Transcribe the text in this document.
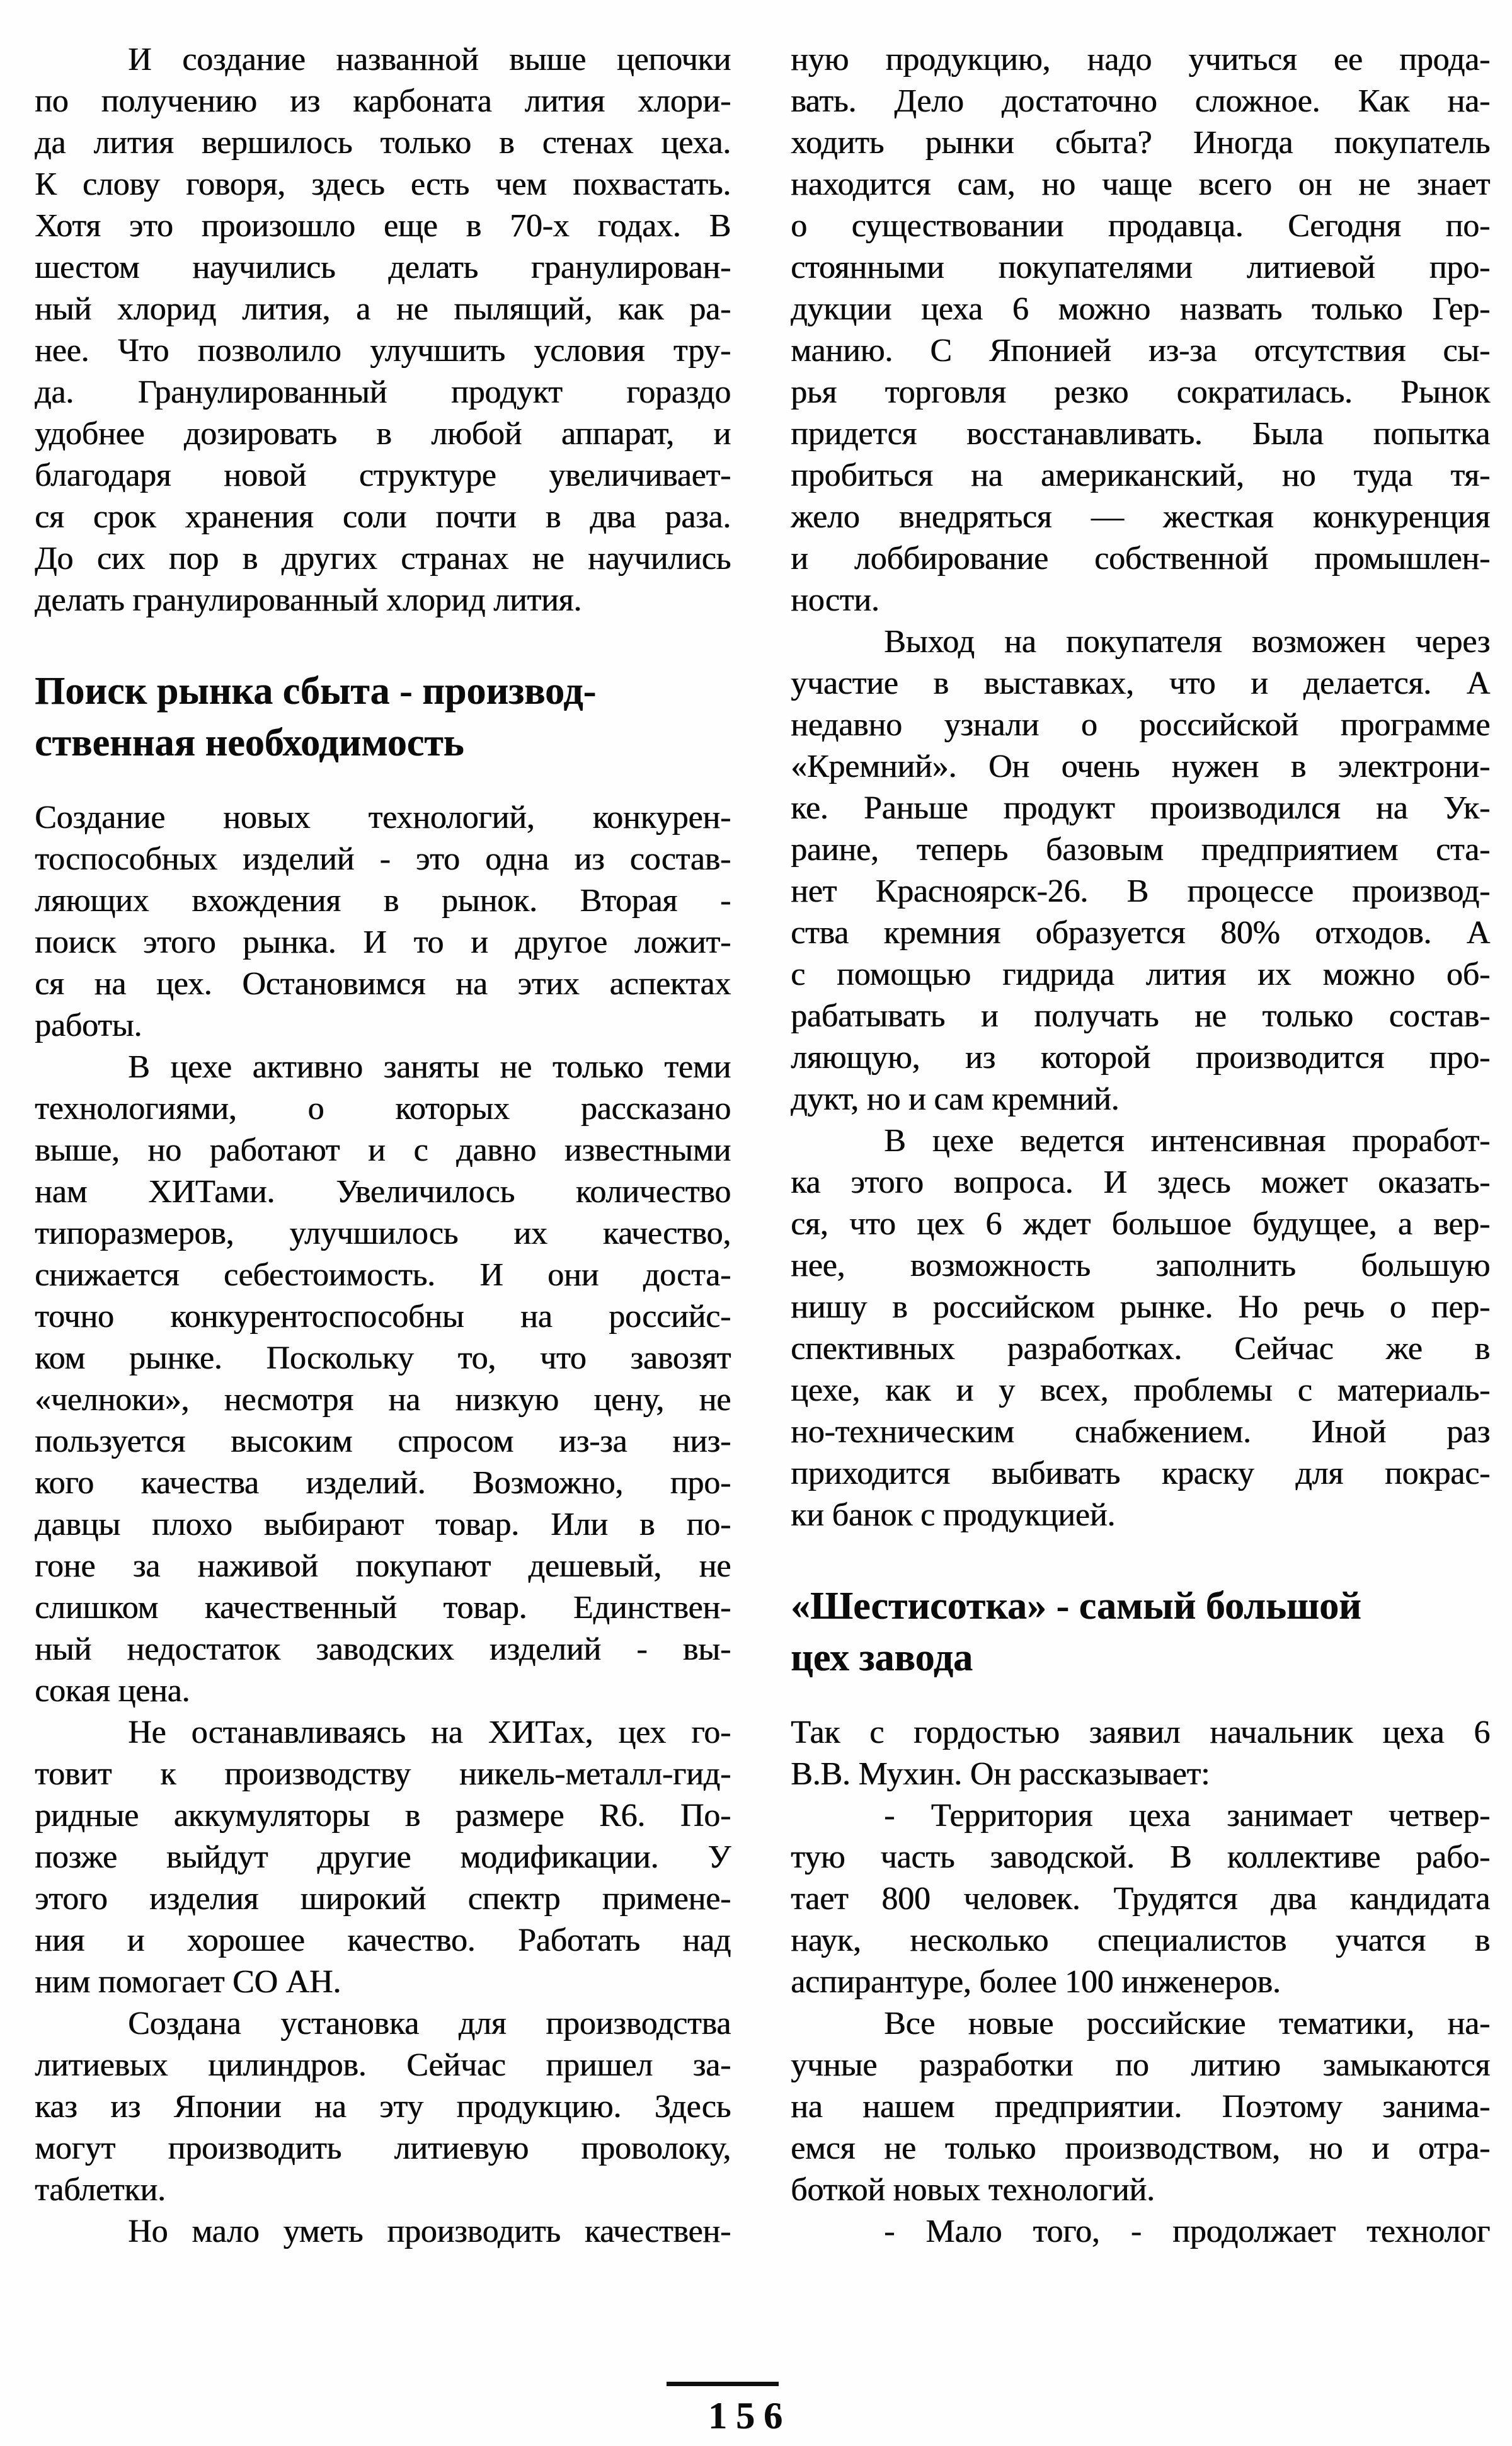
И создание названной выше цепочки
по получению из карбоната лития хлори-
да лития вершилось только в стенах цеха.
К слову говоря, здесь есть чем похвастать.
Хотя это произошло еще в 70-х годах. В
шестом научились делать гранулирован-
ный хлорид лития, а не пылящий, как ра-
нее. Что позволило улучшить условия тру-
да. Гранулированный продукт гораздо
удобнее дозировать в любой аппарат, и
благодаря новой структуре увеличивает-
ся срок хранения соли почти в два раза.
До сих пор в других странах не научились
делать гранулированный хлорид лития.
Поиск рынка сбыта - производ-
ственная необходимость
Создание новых технологий, конкурен-
тоспособных изделий - это одна из состав-
ляющих вхождения в рынок. Вторая -
поиск этого рынка. И то и другое ложит-
ся на цех. Остановимся на этих аспектах
работы.
В цехе активно заняты не только теми
технологиями, о которых рассказано
выше, но работают и с давно известными
нам ХИТами. Увеличилось количество
типоразмеров, улучшилось их качество,
снижается себестоимость. И они доста-
точно конкурентоспособны на российс-
ком рынке. Поскольку то, что завозят
«челноки», несмотря на низкую цену, не
пользуется высоким спросом из-за низ-
кого качества изделий. Возможно, про-
давцы плохо выбирают товар. Или в по-
гоне за наживой покупают дешевый, не
слишком качественный товар. Единствен-
ный недостаток заводских изделий - вы-
сокая цена.
Не останавливаясь на ХИТах, цех го-
товит к производству никель-металл-гид-
ридные аккумуляторы в размере R6. По-
позже выйдут другие модификации. У
этого изделия широкий спектр примене-
ния и хорошее качество. Работать над
ним помогает СО АН.
Создана установка для производства
литиевых цилиндров. Сейчас пришел за-
каз из Японии на эту продукцию. Здесь
могут производить литиевую проволоку,
таблетки.
Но мало уметь производить качествен-
ную продукцию, надо учиться ее прода-
вать. Дело достаточно сложное. Как на-
ходить рынки сбыта? Иногда покупатель
находится сам, но чаще всего он не знает
о существовании продавца. Сегодня по-
стоянными покупателями литиевой про-
дукции цеха 6 можно назвать только Гер-
манию. С Японией из-за отсутствия сы-
рья торговля резко сократилась. Рынок
придется восстанавливать. Была попытка
пробиться на американский, но туда тя-
жело внедряться — жесткая конкуренция
и лоббирование собственной промышлен-
ности.
Выход на покупателя возможен через
участие в выставках, что и делается. А
недавно узнали о российской программе
«Кремний». Он очень нужен в электрони-
ке. Раньше продукт производился на Ук-
раине, теперь базовым предприятием ста-
нет Красноярск-26. В процессе производ-
ства кремния образуется 80% отходов. А
с помощью гидрида лития их можно об-
рабатывать и получать не только состав-
ляющую, из которой производится про-
дукт, но и сам кремний.
В цехе ведется интенсивная проработ-
ка этого вопроса. И здесь может оказать-
ся, что цех 6 ждет большое будущее, а вер-
нее, возможность заполнить большую
нишу в российском рынке. Но речь о пер-
спективных разработках. Сейчас же в
цехе, как и у всех, проблемы с материаль-
но-техническим снабжением. Иной раз
приходится выбивать краску для покрас-
ки банок с продукцией.
«Шестисотка» - самый большой
цех завода
Так с гордостью заявил начальник цеха 6
В.В. Мухин. Он рассказывает:
- Территория цеха занимает четвер-
тую часть заводской. В коллективе рабо-
тает 800 человек. Трудятся два кандидата
наук, несколько специалистов учатся в
аспирантуре, более 100 инженеров.
Все новые российские тематики, на-
учные разработки по литию замыкаются
на нашем предприятии. Поэтому занима-
емся не только производством, но и отра-
боткой новых технологий.
- Мало того, - продолжает технолог
156
